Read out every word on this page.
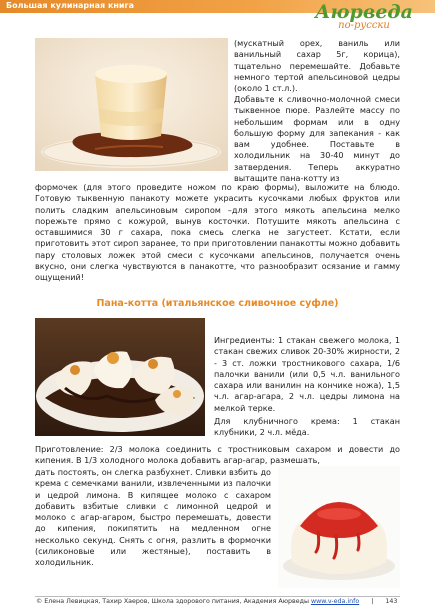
Большая кулинарная книга	Аюрведа
по-русски

(мускатный орех, ваниль или ванильный сахар 5г, корица), тщательно перемешайте. Добавьте немного тертой апельсиновой цедры (около 1 ст.л.).

Добавьте к сливочно-молочной смеси тыквенное пюре. Разлейте массу по небольшим формам или в одну большую форму для запекания - как вам удобнее. Поставьте в холодильник на 30-40 минут до затвердения. Теперь аккуратно вытащите пана-котту из

формочек (для этого проведите ножом по краю формы), выложите на блюдо. Готовую тыквенную панакоту можете украсить кусочками любых фруктов или полить сладким апельсиновым сиропом –для этого мякоть апельсина мелко порежьте прямо с кожурой, вынув косточки. Потушите мякоть апельсина с оставшимися 30 г сахара, пока смесь слегка не загустеет. Кстати, если приготовить этот сироп заранее, то при приготовлении панакотты можно добавить пару столовых ложек этой смеси с кусочками апельсинов, получается очень вкусно, они слегка чувствуются в панакотте, что разнообразит осязание и гамму ощущений!

Пана-котта (итальянское сливочное суфле)

Ингредиенты: 1 стакан свежего молока, 1 стакан свежих сливок 20-30% жирности, 2 - 3 ст. ложки тростникового сахара, 1/6 палочки ванили (или 0,5 ч.л. ванильного сахара или ванилин на кончике ножа), 1,5 ч.л. агар-агара, 2 ч.л. цедры лимона на мелкой терке.

Для клубничного крема: 1 стакан клубники, 2 ч.л. мёда.

Приготовление: 2/3 молока соединить с тростниковым сахаром и довести до кипения. В 1/3 холодного молока добавить агар-агар, размешать,

дать постоять, он слегка разбухнет. Сливки взбить до крема с семечками ванили, извлеченными из палочки и цедрой лимона. В кипящее молоко с сахаром добавить взбитые сливки с лимонной цедрой и молоко с агар-агаром, быстро перемешать, довести до кипения, покипятить на медленном огне несколько секунд. Снять с огня, разлить в формочки (силиконовые или жестяные), поставить в холодильник.

© Елена Левицкая, Тахир Хаеров, Школа здорового питания, Академия Аюрведы www.v-eda.info | 143
